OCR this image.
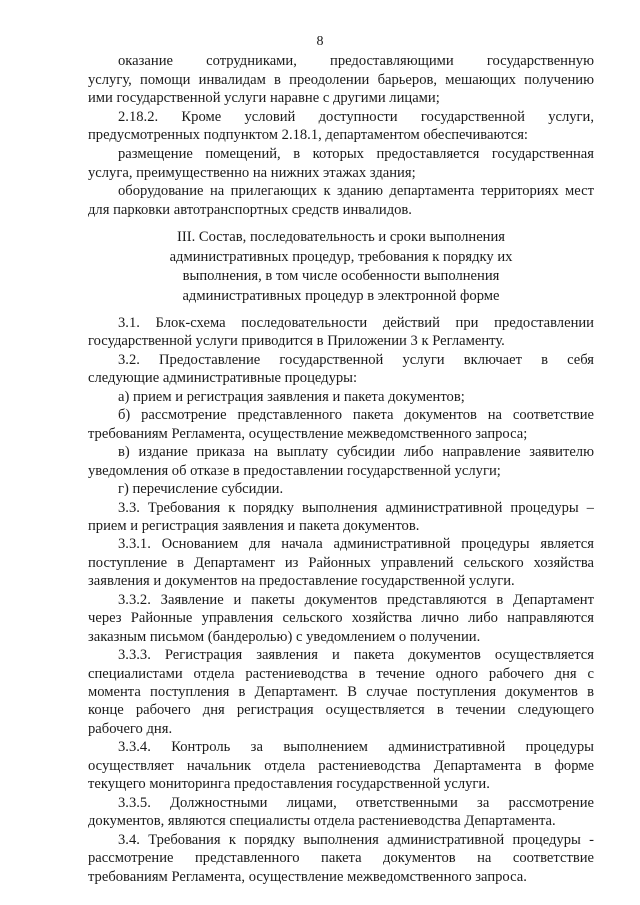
8
оказание сотрудниками, предоставляющими государственную
услугу, помощи инвалидам в преодолении барьеров, мешающих получению
ими государственной услуги наравне с другими лицами;
2.18.2. Кроме условий доступности государственной услуги,
предусмотренных подпунктом 2.18.1, департаментом обеспечиваются:
размещение помещений, в которых предоставляется государственная
услуга, преимущественно на нижних этажах здания;
оборудование на прилегающих к зданию департамента территориях мест
для парковки автотранспортных средств инвалидов.
III. Состав, последовательность и сроки выполнения
административных процедур, требования к порядку их
выполнения, в том числе особенности выполнения
административных процедур в электронной форме
3.1. Блок-схема последовательности действий при предоставлении
государственной услуги приводится в Приложении 3 к Регламенту.
3.2. Предоставление государственной услуги включает в себя
следующие административные процедуры:
а) прием и регистрация заявления и пакета документов;
б) рассмотрение представленного пакета документов на соответствие
требованиям Регламента, осуществление межведомственного запроса;
в) издание приказа на выплату субсидии либо направление заявителю
уведомления об отказе в предоставлении государственной услуги;
г) перечисление субсидии.
3.3. Требования к порядку выполнения административной процедуры –
прием и регистрация заявления и пакета документов.
3.3.1. Основанием для начала административной процедуры является
поступление в Департамент из Районных управлений сельского хозяйства
заявления и документов на предоставление государственной услуги.
3.3.2. Заявление и пакеты документов представляются в Департамент
через Районные управления сельского хозяйства лично либо направляются
заказным письмом (бандеролью) с уведомлением о получении.
3.3.3. Регистрация заявления и пакета документов осуществляется
специалистами отдела растениеводства в течение одного рабочего дня с
момента поступления в Департамент. В случае поступления документов в
конце рабочего дня регистрация осуществляется в течении следующего
рабочего дня.
3.3.4. Контроль за выполнением административной процедуры
осуществляет начальник отдела растениеводства Департамента в форме
текущего мониторинга предоставления государственной услуги.
3.3.5. Должностными лицами, ответственными за рассмотрение
документов, являются специалисты отдела растениеводства Департамента.
3.4. Требования к порядку выполнения административной процедуры -
рассмотрение представленного пакета документов на соответствие
требованиям Регламента, осуществление межведомственного запроса.
